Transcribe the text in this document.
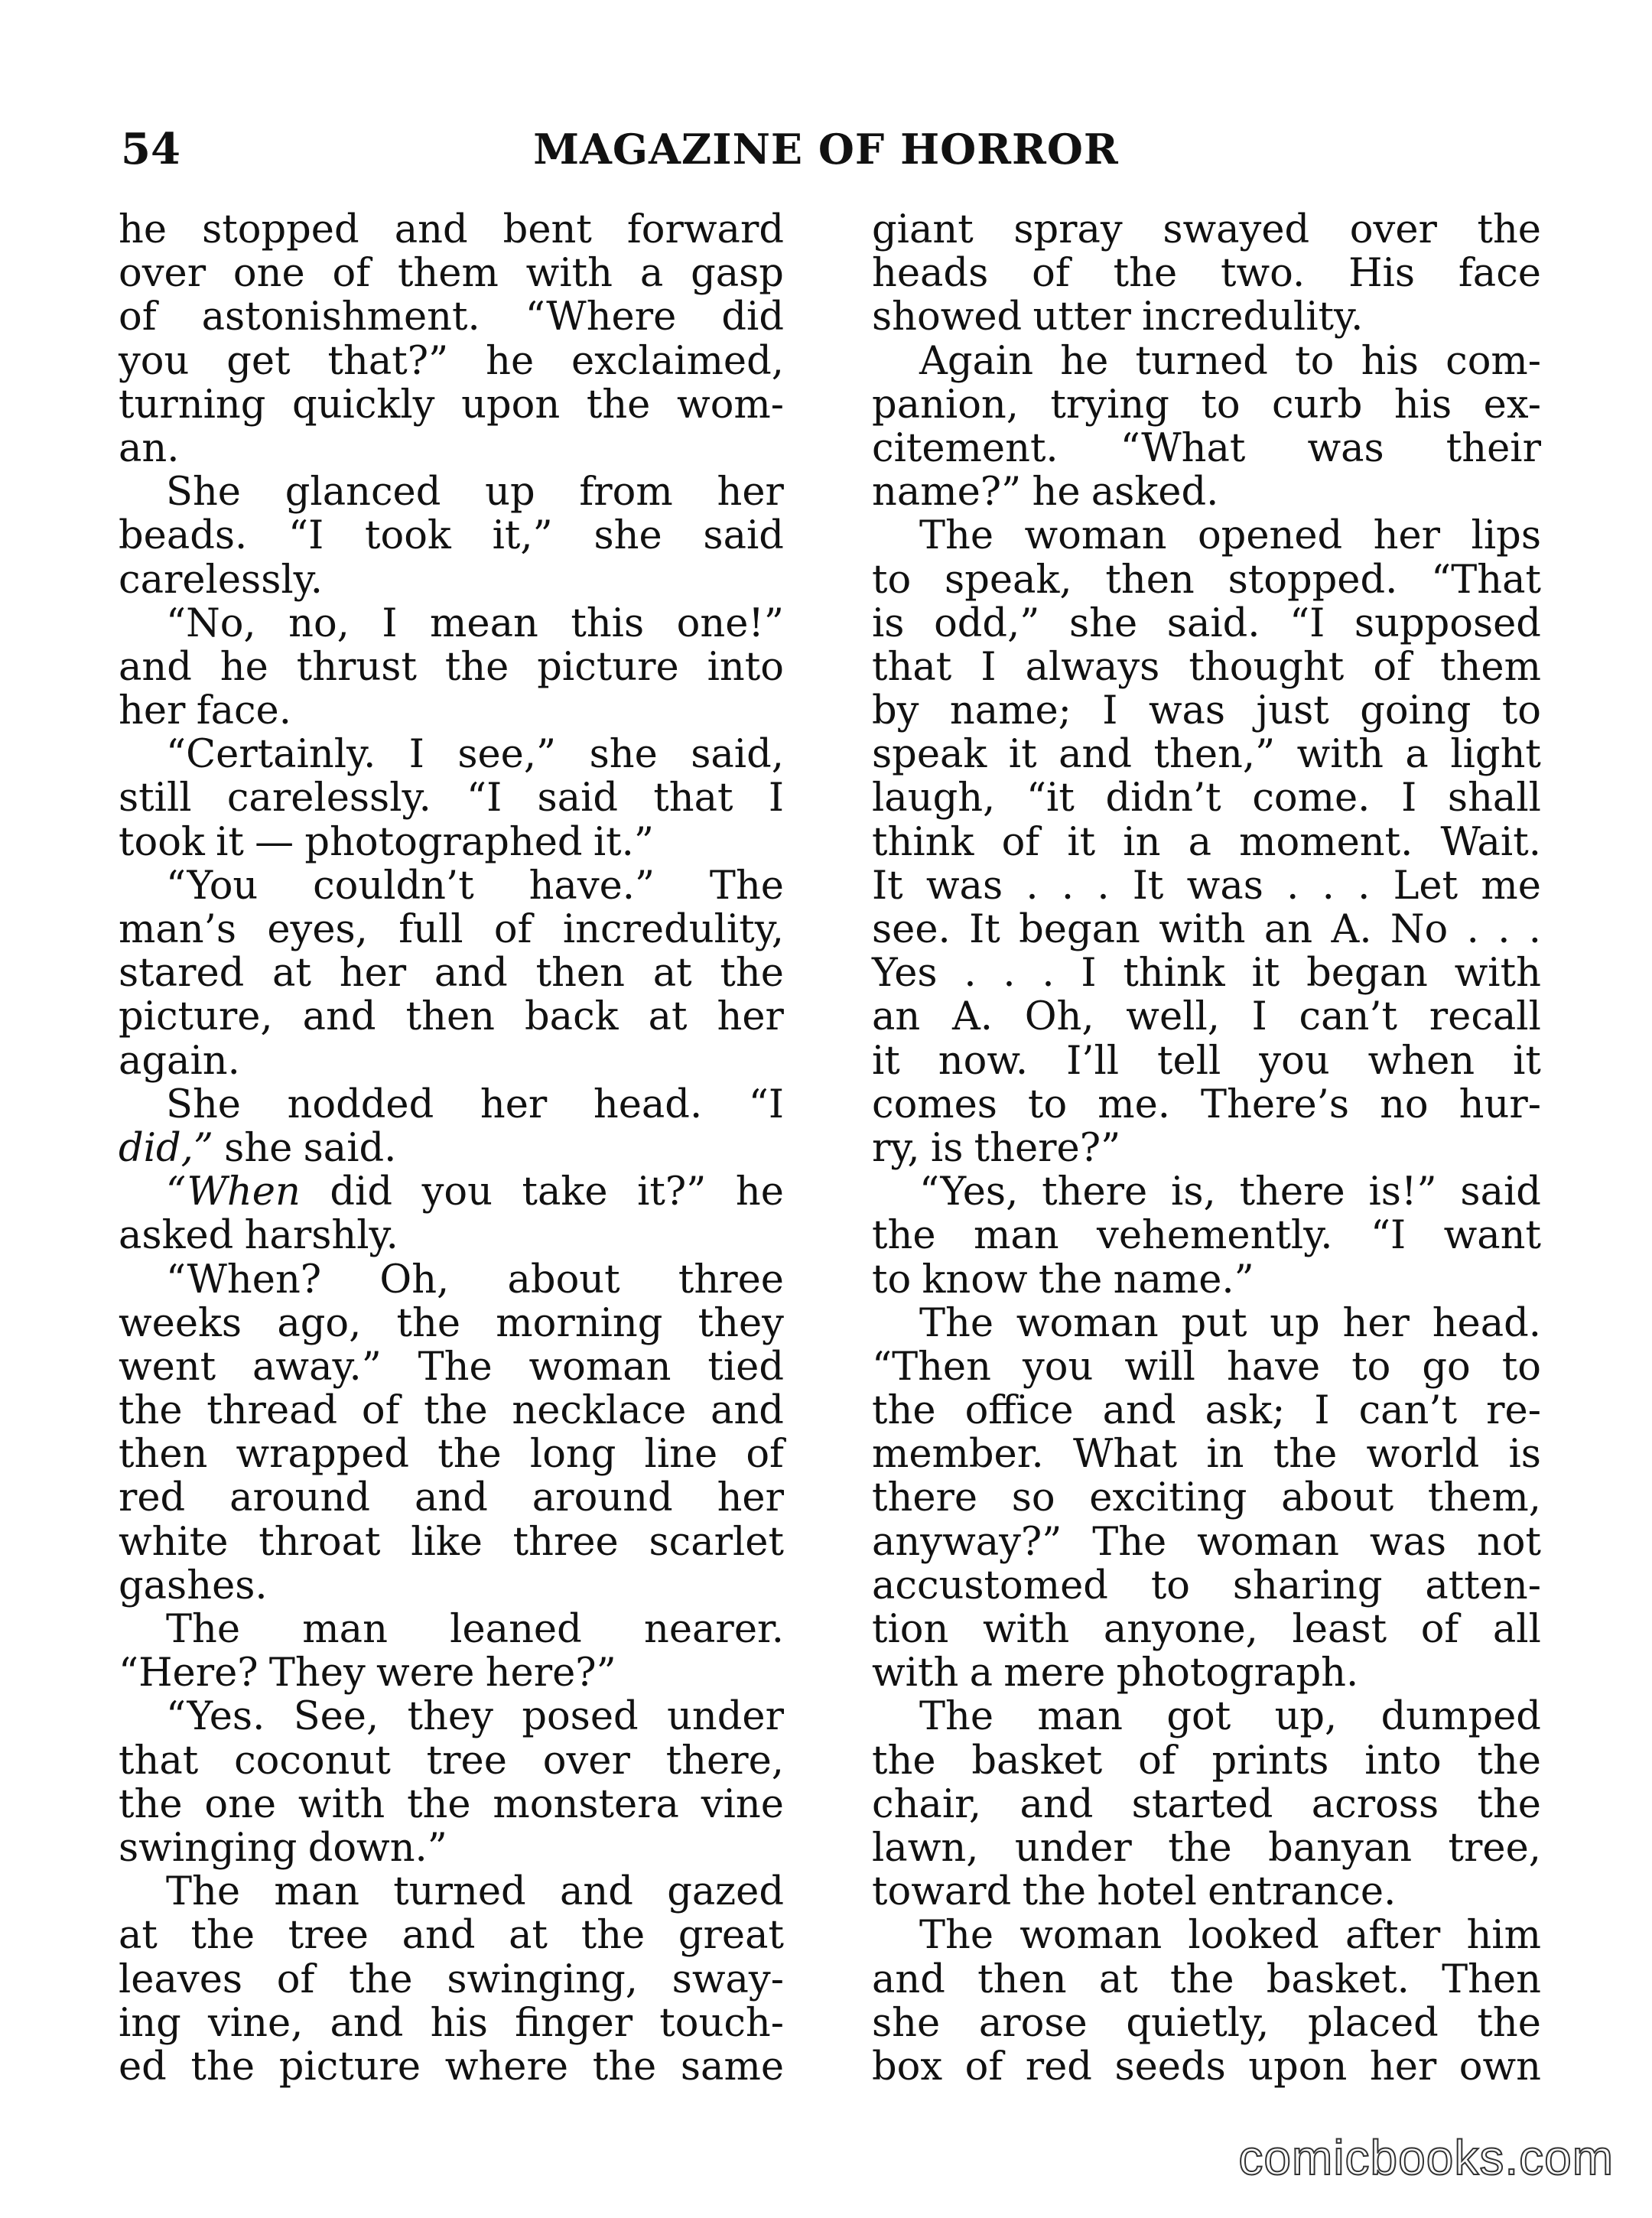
54	MAGAZINE OF HORROR
he stopped and bent forward
over one of them with a gasp
of astonishment. “Where did
you get that?” he exclaimed,
turning quickly upon the wom-
an.
She glanced up from her
beads. “I took it,” she said
carelessly.
“No, no, I mean this one!”
and he thrust the picture into
her face.
“Certainly. I see,” she said,
still carelessly. “I said that I
took it — photographed it.”
“You couldn’t have.” The
man’s eyes, full of incredulity,
stared at her and then at the
picture, and then back at her
again.
She nodded her head. “I
did,” she said.
“When did you take it?” he
asked harshly.
“When? Oh, about three
weeks ago, the morning they
went away.” The woman tied
the thread of the necklace and
then wrapped the long line of
red around and around her
white throat like three scarlet
gashes.
The man leaned nearer.
“Here? They were here?”
“Yes. See, they posed under
that coconut tree over there,
the one with the monstera vine
swinging down.”
The man turned and gazed
at the tree and at the great
leaves of the swinging, sway-
ing vine, and his finger touch-
ed the picture where the same
giant spray swayed over the
heads of the two. His face
showed utter incredulity.
Again he turned to his com-
panion, trying to curb his ex-
citement. “What was their
name?” he asked.
The woman opened her lips
to speak, then stopped. “That
is odd,” she said. “I supposed
that I always thought of them
by name; I was just going to
speak it and then,” with a light
laugh, “it didn’t come. I shall
think of it in a moment. Wait.
It was . . . It was . . . Let me
see. It began with an A. No . . .
Yes . . . I think it began with
an A. Oh, well, I can’t recall
it now. I’ll tell you when it
comes to me. There’s no hur-
ry, is there?”
“Yes, there is, there is!” said
the man vehemently. “I want
to know the name.”
The woman put up her head.
“Then you will have to go to
the office and ask; I can’t re-
member. What in the world is
there so exciting about them,
anyway?” The woman was not
accustomed to sharing atten-
tion with anyone, least of all
with a mere photograph.
The man got up, dumped
the basket of prints into the
chair, and started across the
lawn, under the banyan tree,
toward the hotel entrance.
The woman looked after him
and then at the basket. Then
she arose quietly, placed the
box of red seeds upon her own
comicbooks.com
